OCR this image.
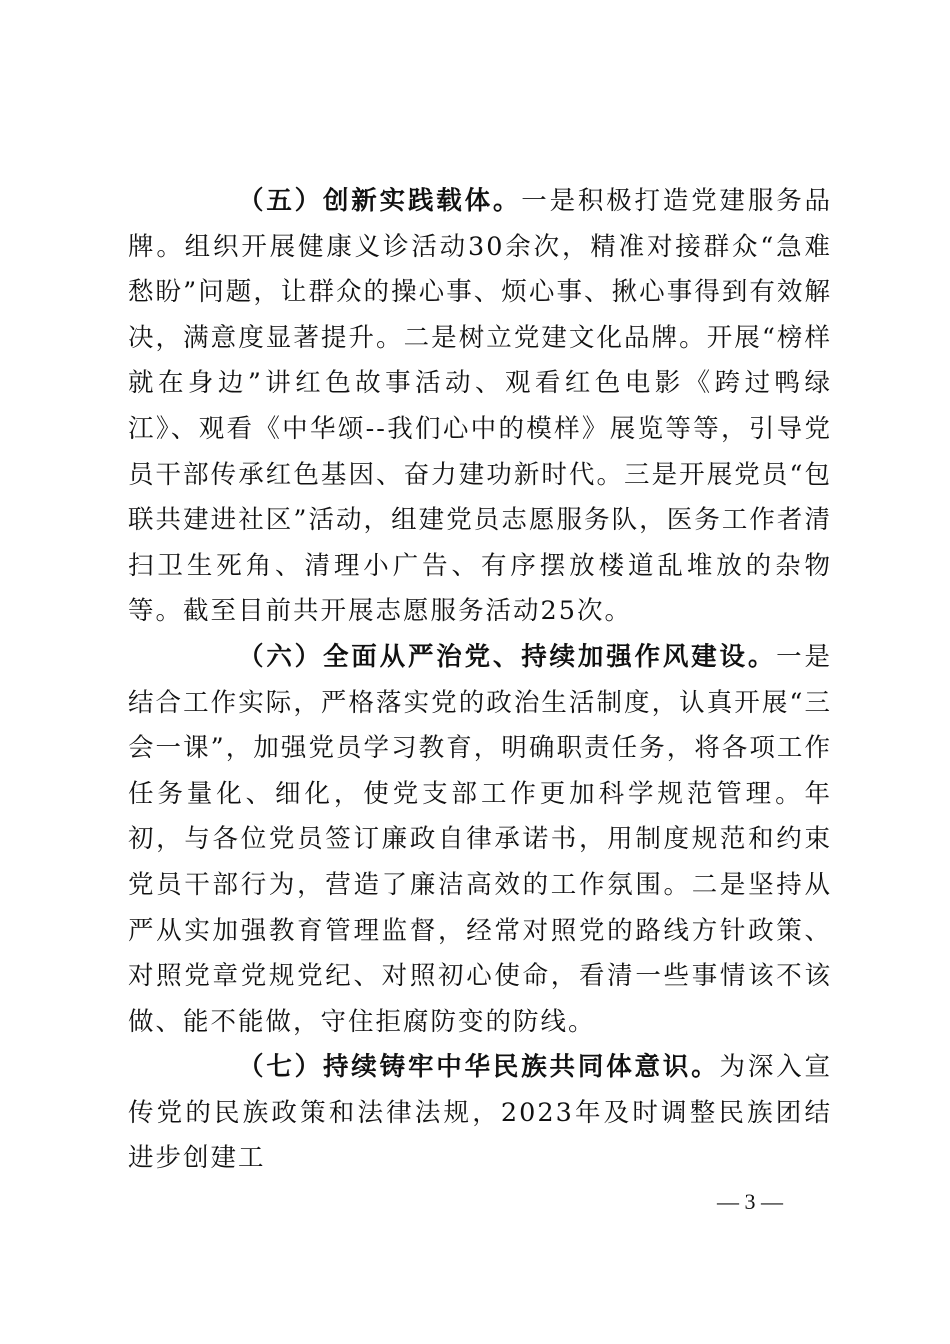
（五）创新实践载体。一是积极打造党建服务品牌。组织开展健康义诊活动30余次，精准对接群众“急难愁盼”问题，让群众的操心事、烦心事、揪心事得到有效解决，满意度显著提升。二是树立党建文化品牌。开展“榜样就在身边”讲红色故事活动、观看红色电影《跨过鸭绿江》、观看《中华颂--我们心中的模样》展览等等，引导党员干部传承红色基因、奋力建功新时代。三是开展党员“包联共建进社区”活动，组建党员志愿服务队，医务工作者清扫卫生死角、清理小广告、有序摆放楼道乱堆放的杂物等。截至目前共开展志愿服务活动25次。

（六）全面从严治党、持续加强作风建设。一是结合工作实际，严格落实党的政治生活制度，认真开展“三会一课”，加强党员学习教育，明确职责任务，将各项工作任务量化、细化，使党支部工作更加科学规范管理。年初，与各位党员签订廉政自律承诺书，用制度规范和约束党员干部行为，营造了廉洁高效的工作氛围。二是坚持从严从实加强教育管理监督，经常对照党的路线方针政策、对照党章党规党纪、对照初心使命，看清一些事情该不该做、能不能做，守住拒腐防变的防线。

（七）持续铸牢中华民族共同体意识。为深入宣传党的民族政策和法律法规，2023年及时调整民族团结进步创建工

— 3 —
